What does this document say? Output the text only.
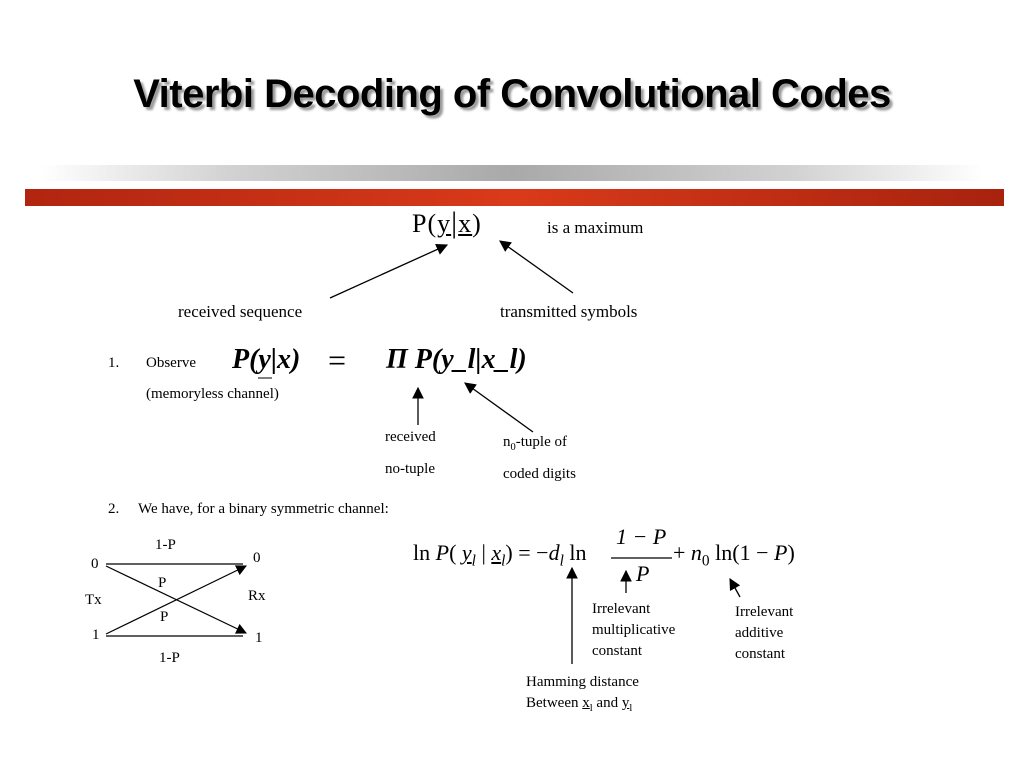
Viterbi Decoding of Convolutional Codes
P(y|x)	is a maximum
received sequence	transmitted symbols
1. Observe
(memoryless channel)
P(y|x) = Π P(y_l|x_l)
received
no-tuple
$n_0$-tuple of
coded digits
2. We have, for a binary symmetric channel:
1-P
0	0
P
Tx	Rx
P
1	1
1-P
ln P( $y_l$ | $x_l) = -d_l$ ln
1 − P
P
+ $n_0$ ln(1 − P)
Irrelevant
multiplicative
constant
Irrelevant
additive
constant
Hamming distance
Between $x_l$ and $y_l$
